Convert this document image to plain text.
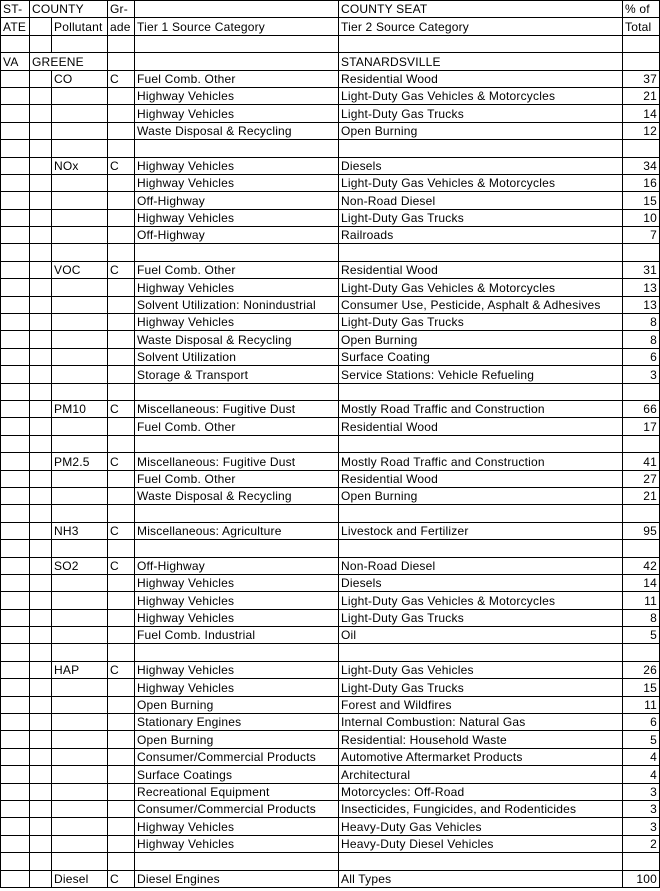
ST-	COUNTY		Gr-		COUNTY SEAT	% of
ATE		Pollutant	ade	Tier 1 Source Category	Tier 2 Source Category	Total

VA	GREENE				STANARDSVILLE	
		CO	C	Fuel Comb. Other	Residential Wood	37
				Highway Vehicles	Light-Duty Gas Vehicles & Motorcycles	21
				Highway Vehicles	Light-Duty Gas Trucks	14
				Waste Disposal & Recycling	Open Burning	12

		NOx	C	Highway Vehicles	Diesels	34
				Highway Vehicles	Light-Duty Gas Vehicles & Motorcycles	16
				Off-Highway	Non-Road Diesel	15
				Highway Vehicles	Light-Duty Gas Trucks	10
				Off-Highway	Railroads	7

		VOC	C	Fuel Comb. Other	Residential Wood	31
				Highway Vehicles	Light-Duty Gas Vehicles & Motorcycles	13
				Solvent Utilization: Nonindustrial	Consumer Use, Pesticide, Asphalt & Adhesives	13
				Highway Vehicles	Light-Duty Gas Trucks	8
				Waste Disposal & Recycling	Open Burning	8
				Solvent Utilization	Surface Coating	6
				Storage & Transport	Service Stations: Vehicle Refueling	3

		PM10	C	Miscellaneous: Fugitive Dust	Mostly Road Traffic and Construction	66
				Fuel Comb. Other	Residential Wood	17

		PM2.5	C	Miscellaneous: Fugitive Dust	Mostly Road Traffic and Construction	41
				Fuel Comb. Other	Residential Wood	27
				Waste Disposal & Recycling	Open Burning	21

		NH3	C	Miscellaneous: Agriculture	Livestock and Fertilizer	95

		SO2	C	Off-Highway	Non-Road Diesel	42
				Highway Vehicles	Diesels	14
				Highway Vehicles	Light-Duty Gas Vehicles & Motorcycles	11
				Highway Vehicles	Light-Duty Gas Trucks	8
				Fuel Comb. Industrial	Oil	5

		HAP	C	Highway Vehicles	Light-Duty Gas Vehicles	26
				Highway Vehicles	Light-Duty Gas Trucks	15
				Open Burning	Forest and Wildfires	11
				Stationary Engines	Internal Combustion: Natural Gas	6
				Open Burning	Residential: Household Waste	5
				Consumer/Commercial Products	Automotive Aftermarket Products	4
				Surface Coatings	Architectural	4
				Recreational Equipment	Motorcycles: Off-Road	3
				Consumer/Commercial Products	Insecticides, Fungicides, and Rodenticides	3
				Highway Vehicles	Heavy-Duty Gas Vehicles	3
				Highway Vehicles	Heavy-Duty Diesel Vehicles	2

		Diesel	C	Diesel Engines	All Types	100
